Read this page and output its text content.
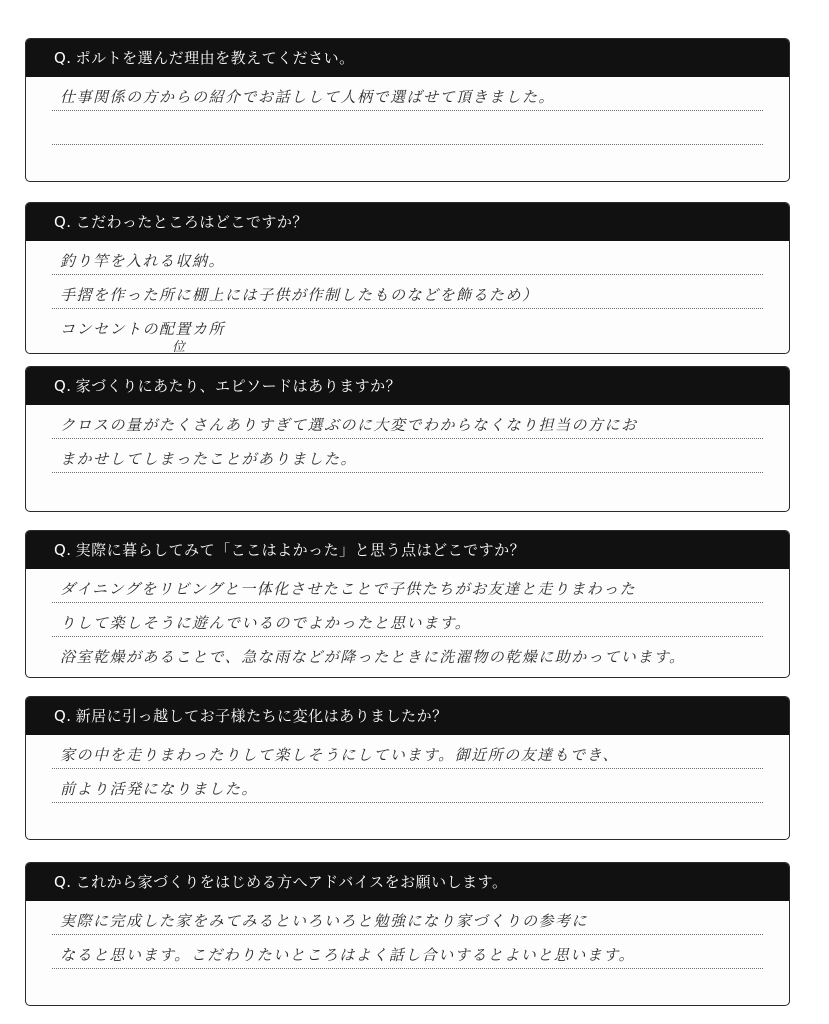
Q. ポルトを選んだ理由を教えてください。
仕事関係の方からの紹介でお話しして人柄で選ばせて頂きました。
Q. こだわったところはどこですか？
釣り竿を入れる収納。
手摺を作った所に棚上には子供が作制したものなどを飾るため）
コンセントの配置カ所
位
Q. 家づくりにあたり、エピソードはありますか？
クロスの量がたくさんありすぎて選ぶのに大変でわからなくなり担当の方にお
まかせしてしまったことがありました。
Q. 実際に暮らしてみて「ここはよかった」と思う点はどこですか？
ダイニングをリビングと一体化させたことで子供たちがお友達と走りまわった
りして楽しそうに遊んでいるのでよかったと思います。
浴室乾燥があることで、急な雨などが降ったときに洗濯物の乾燥に助かっています。
Q. 新居に引っ越してお子様たちに変化はありましたか？
家の中を走りまわったりして楽しそうにしています。御近所の友達もでき、
前より活発になりました。
Q. これから家づくりをはじめる方へアドバイスをお願いします。
実際に完成した家をみてみるといろいろと勉強になり家づくりの参考に
なると思います。こだわりたいところはよく話し合いするとよいと思います。
